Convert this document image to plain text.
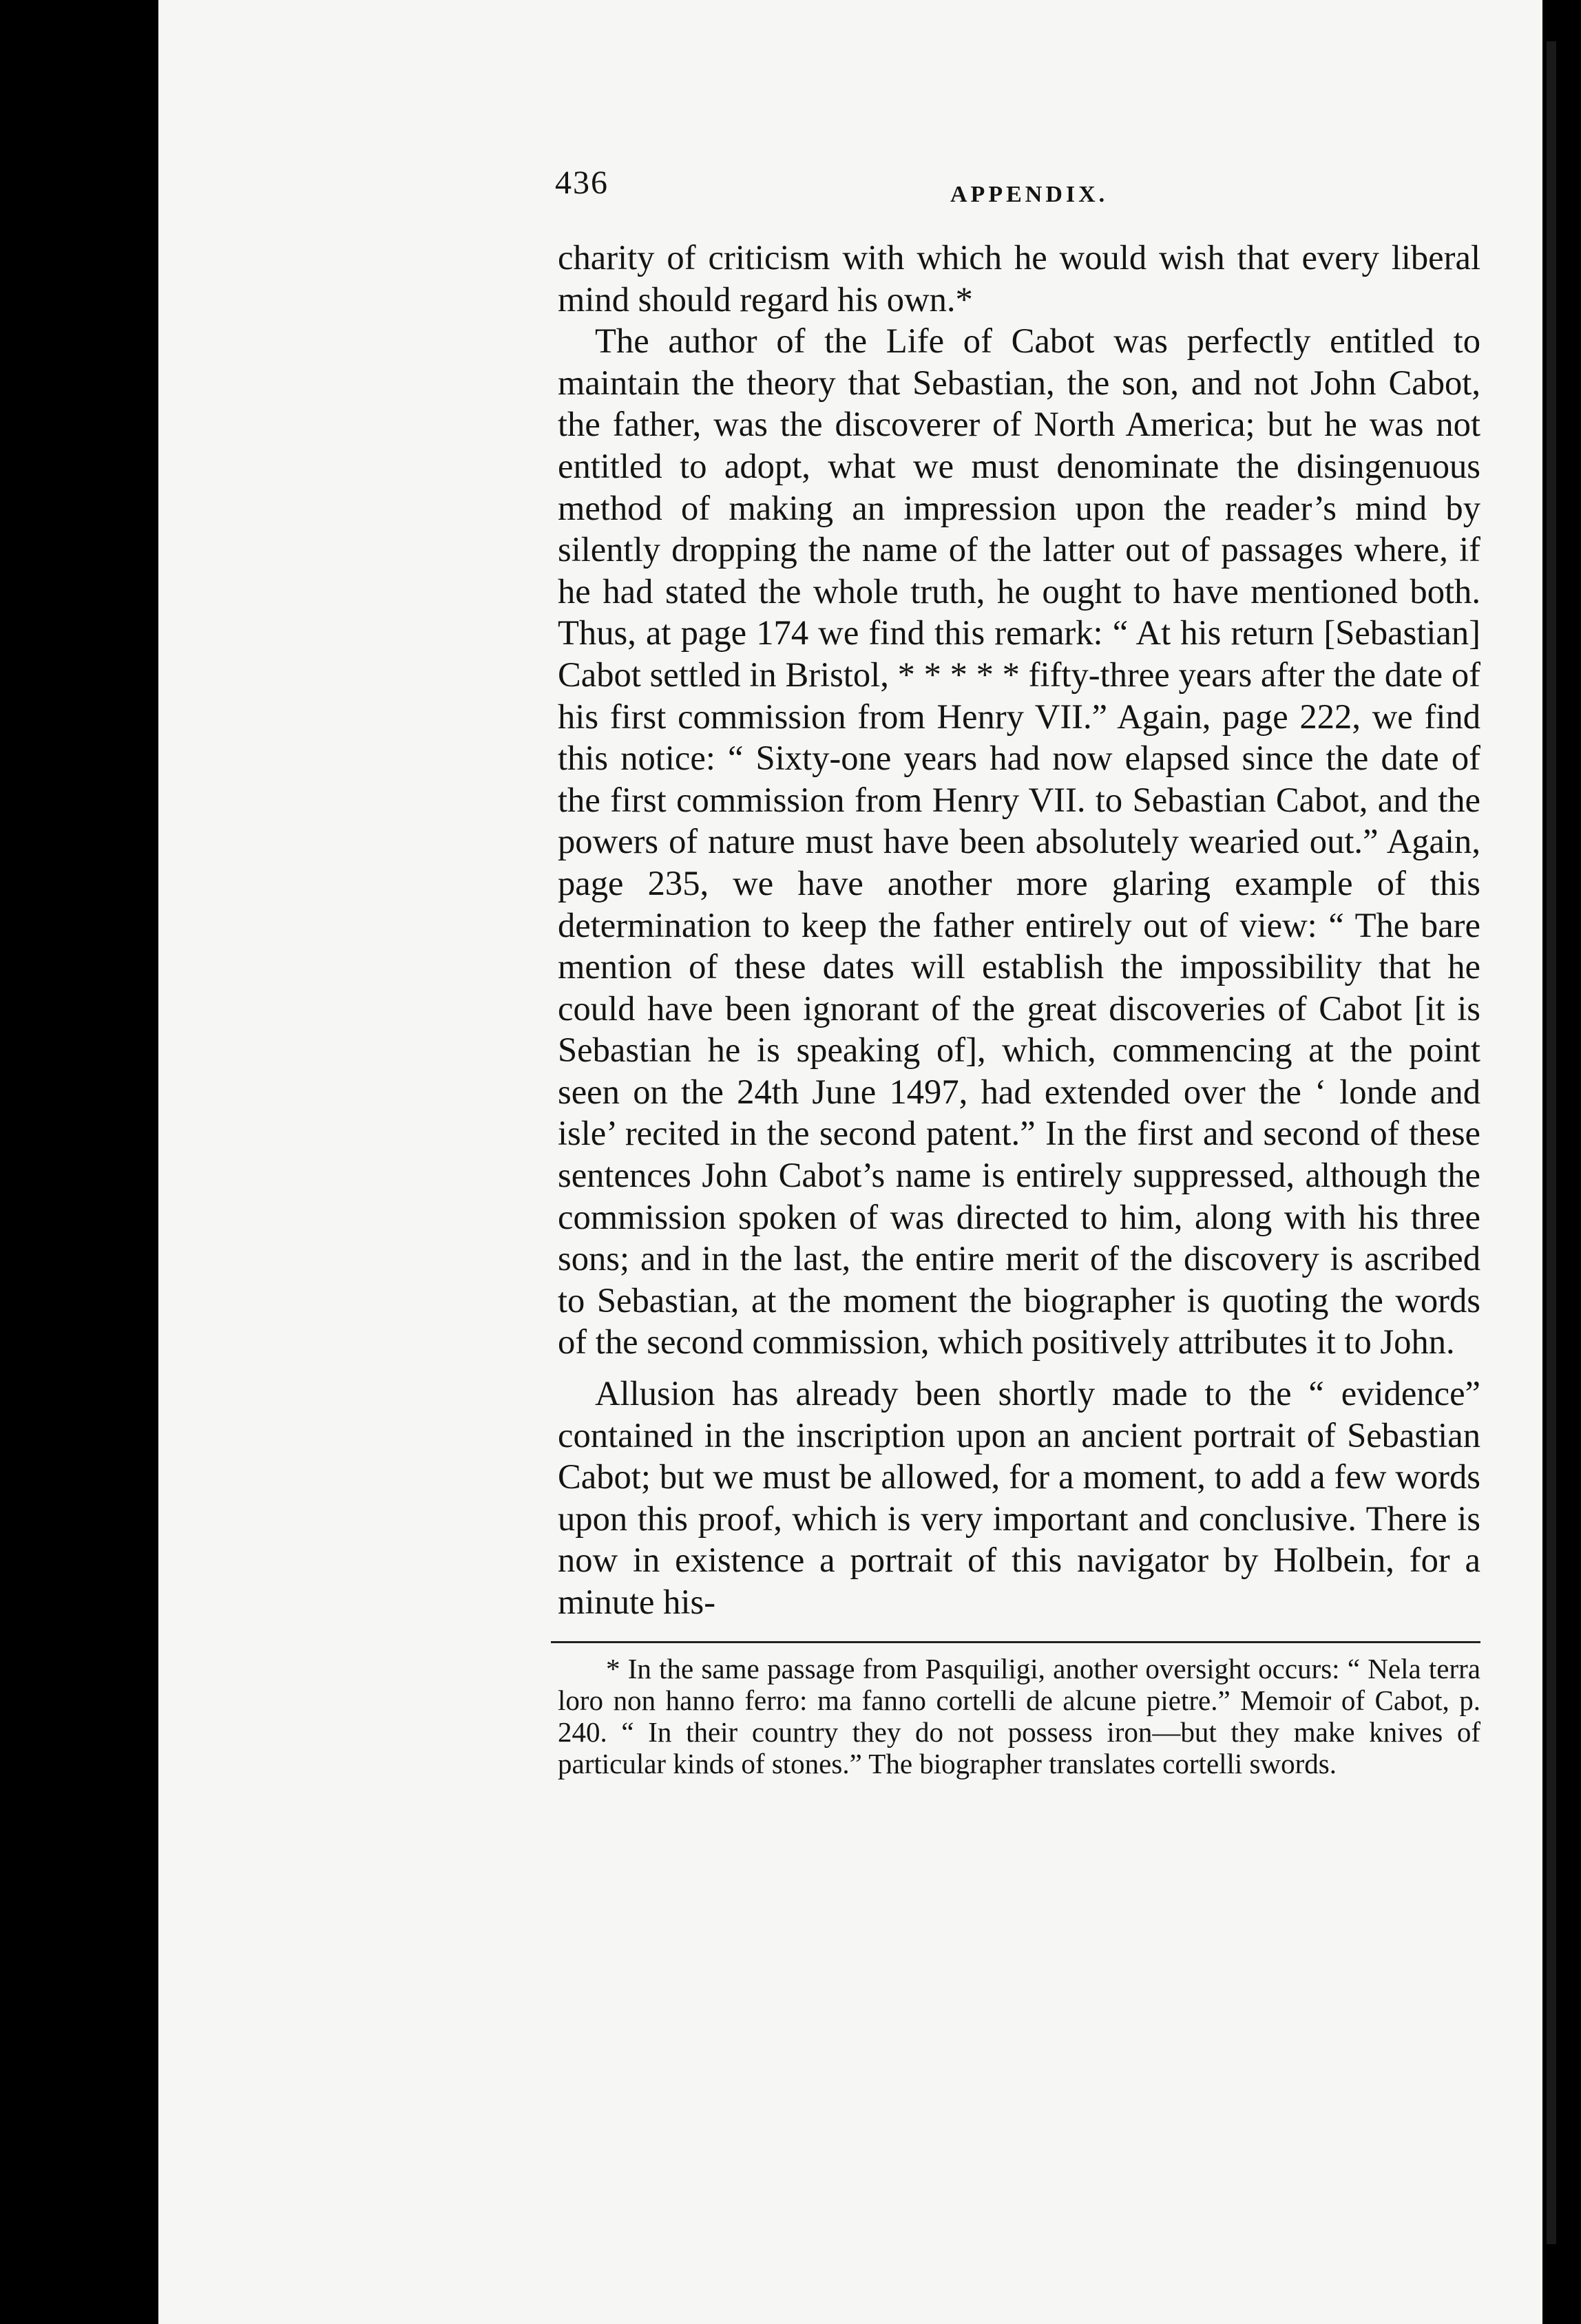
436	APPENDIX.

charity of criticism with which he would wish that every liberal mind should regard his own.*

The author of the Life of Cabot was perfectly entitled to maintain the theory that Sebastian, the son, and not John Cabot, the father, was the discoverer of North America; but he was not entitled to adopt, what we must denominate the disingenuous method of making an impression upon the reader’s mind by silently dropping the name of the latter out of passages where, if he had stated the whole truth, he ought to have mentioned both. Thus, at page 174 we find this remark: “ At his return [Sebastian] Cabot settled in Bristol, * * * * * fifty-three years after the date of his first commission from Henry VII.” Again, page 222, we find this notice: “ Sixty-one years had now elapsed since the date of the first commission from Henry VII. to Sebastian Cabot, and the powers of nature must have been absolutely wearied out.” Again, page 235, we have another more glaring example of this determination to keep the father entirely out of view: “ The bare mention of these dates will establish the impossibility that he could have been ignorant of the great discoveries of Cabot [it is Sebastian he is speaking of], which, commencing at the point seen on the 24th June 1497, had extended over the ‘ londe and isle’ recited in the second patent.” In the first and second of these sentences John Cabot’s name is entirely suppressed, although the commission spoken of was directed to him, along with his three sons; and in the last, the entire merit of the discovery is ascribed to Sebastian, at the moment the biographer is quoting the words of the second commission, which positively attributes it to John.

Allusion has already been shortly made to the “ evidence” contained in the inscription upon an ancient portrait of Sebastian Cabot; but we must be allowed, for a moment, to add a few words upon this proof, which is very important and conclusive. There is now in existence a portrait of this navigator by Holbein, for a minute his-

* In the same passage from Pasquiligi, another oversight occurs: “ Nela terra loro non hanno ferro: ma fanno cortelli de alcune pietre.” Memoir of Cabot, p. 240. “ In their country they do not possess iron—but they make knives of particular kinds of stones.” The biographer translates cortelli swords.
